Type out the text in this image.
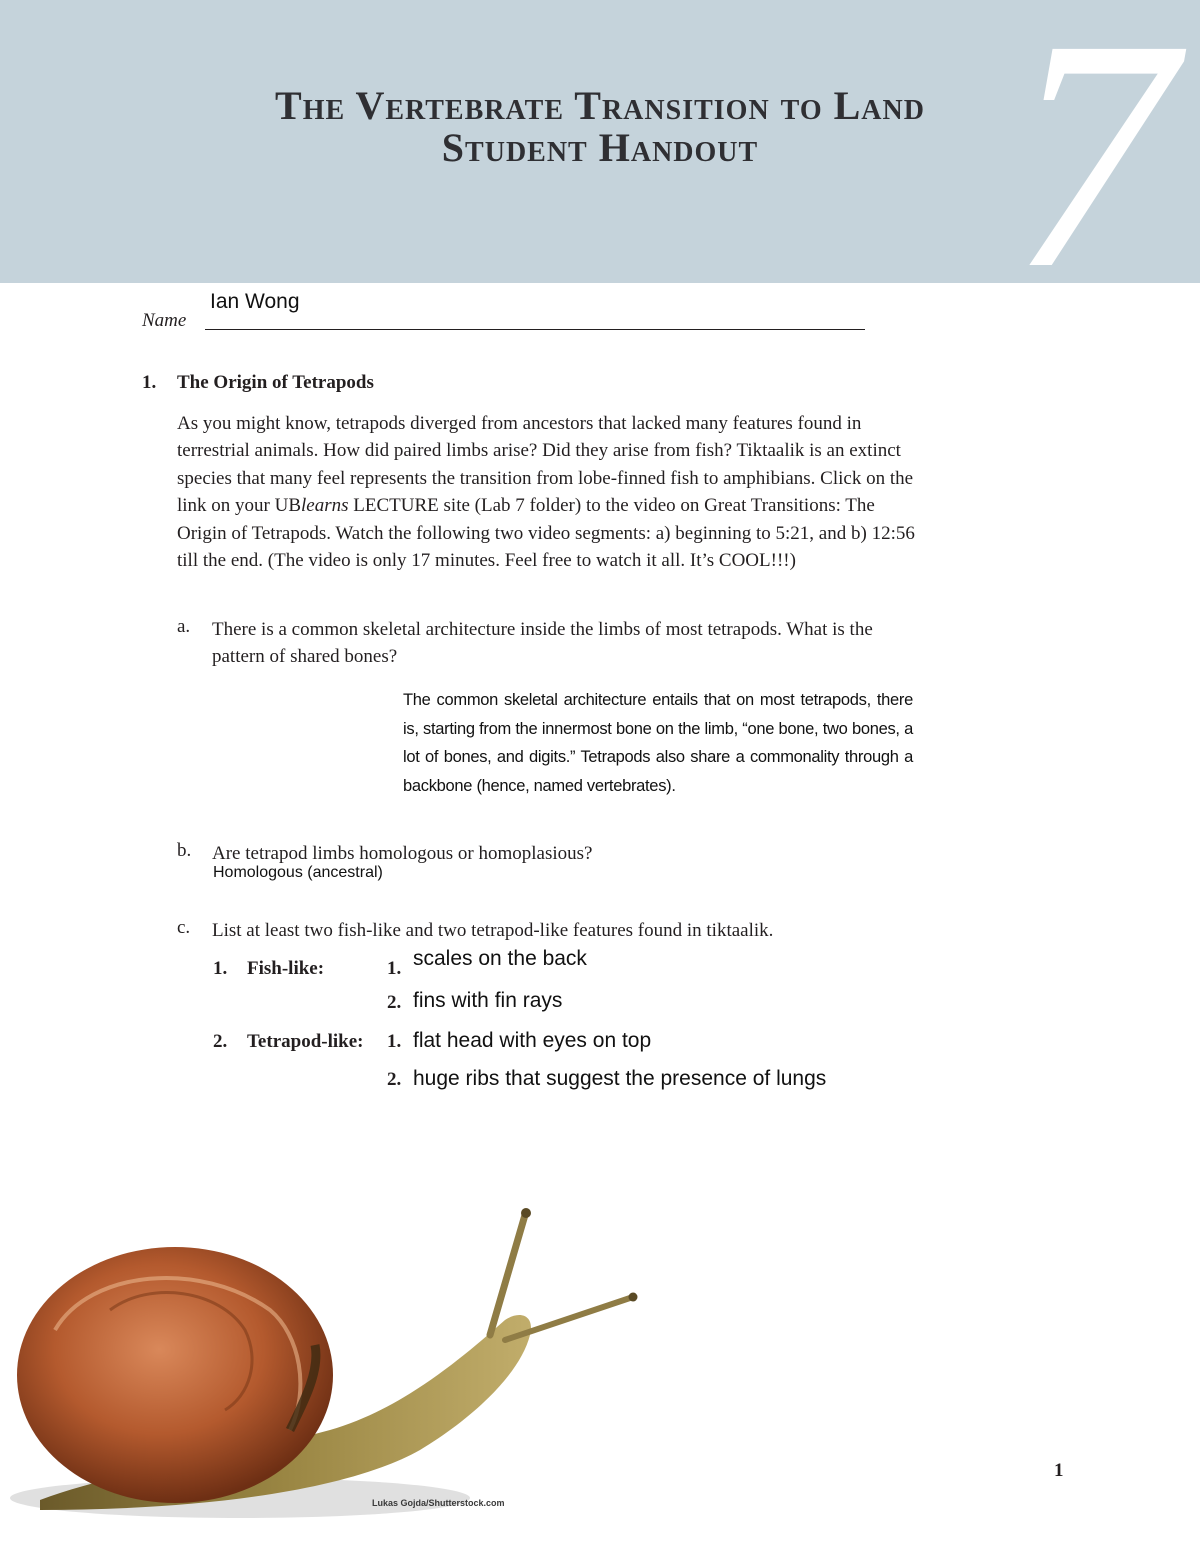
7
The Vertebrate Transition to Land
Student Handout
Name
Ian Wong
1. The Origin of Tetrapods

As you might know, tetrapods diverged from ancestors that lacked many features found in terrestrial animals. How did paired limbs arise? Did they arise from fish? Tiktaalik is an extinct species that many feel represents the transition from lobe-finned fish to amphibians. Click on the link on your UBlearns LECTURE site (Lab 7 folder) to the video on Great Transitions: The Origin of Tetrapods. Watch the following two video segments: a) beginning to 5:21, and b) 12:56 till the end. (The video is only 17 minutes. Feel free to watch it all. It’s COOL!!!)

a. There is a common skeletal architecture inside the limbs of most tetrapods. What is the pattern of shared bones?
The common skeletal architecture entails that on most tetrapods, there is, starting from the innermost bone on the limb, “one bone, two bones, a lot of bones, and digits.” Tetrapods also share a commonality through a backbone (hence, named vertebrates).
b. Are tetrapod limbs homologous or homoplasious?
Homologous (ancestral)
c. List at least two fish-like and two tetrapod-like features found in tiktaalik.
1. Fish-like:	1. scales on the back
2. fins with fin rays
2. Tetrapod-like: 1. flat head with eyes on top
2. huge ribs that suggest the presence of lungs
Lukas Gojda/Shutterstock.com
1
